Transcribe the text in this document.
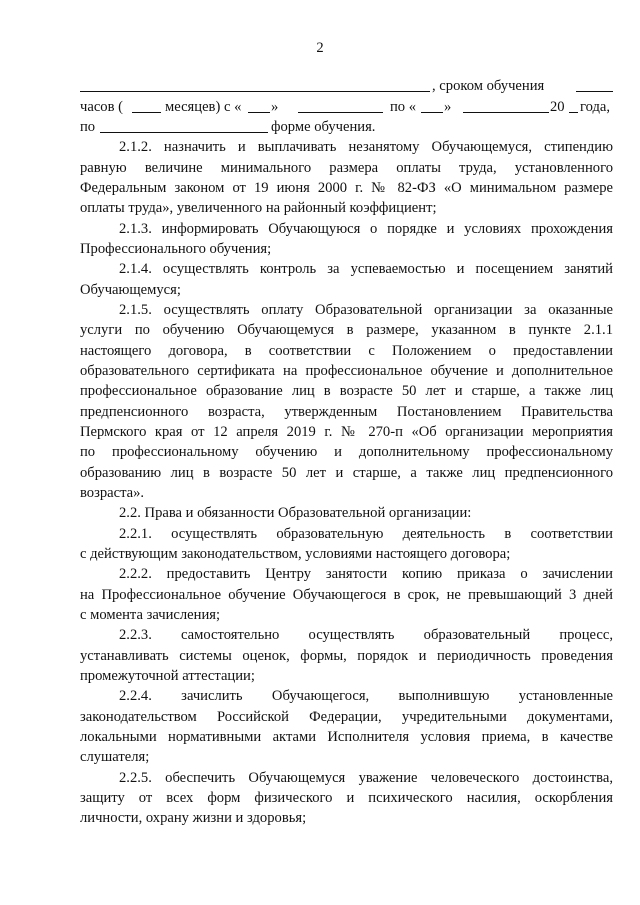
2
, сроком обучения
часов (	месяцев) с « »	по « »	20 года,
по	форме обучения.
2.1.2. назначить и выплачивать незанятому Обучающемуся, стипендию
равную величине минимального размера оплаты труда, установленного
Федеральным законом от 19 июня 2000 г. № 82-ФЗ «О минимальном размере
оплаты труда», увеличенного на районный коэффициент;
2.1.3. информировать Обучающуюся о порядке и условиях прохождения
Профессионального обучения;
2.1.4. осуществлять контроль за успеваемостью и посещением занятий
Обучающемуся;
2.1.5. осуществлять оплату Образовательной организации за оказанные
услуги по обучению Обучающемуся в размере, указанном в пункте 2.1.1
настоящего договора, в соответствии с Положением о предоставлении
образовательного сертификата на профессиональное обучение и дополнительное
профессиональное образование лиц в возрасте 50 лет и старше, а также лиц
предпенсионного возраста, утвержденным Постановлением Правительства
Пермского края от 12 апреля 2019 г. № 270-п «Об организации мероприятия
по профессиональному обучению и дополнительному профессиональному
образованию лиц в возрасте 50 лет и старше, а также лиц предпенсионного
возраста».
2.2. Права и обязанности Образовательной организации:
2.2.1. осуществлять образовательную деятельность в соответствии
с действующим законодательством, условиями настоящего договора;
2.2.2. предоставить Центру занятости копию приказа о зачислении
на Профессиональное обучение Обучающегося в срок, не превышающий 3 дней
с момента зачисления;
2.2.3. самостоятельно осуществлять образовательный процесс,
устанавливать системы оценок, формы, порядок и периодичность проведения
промежуточной аттестации;
2.2.4. зачислить Обучающегося, выполнившую установленные
законодательством Российской Федерации, учредительными документами,
локальными нормативными актами Исполнителя условия приема, в качестве
слушателя;
2.2.5. обеспечить Обучающемуся уважение человеческого достоинства,
защиту от всех форм физического и психического насилия, оскорбления
личности, охрану жизни и здоровья;
